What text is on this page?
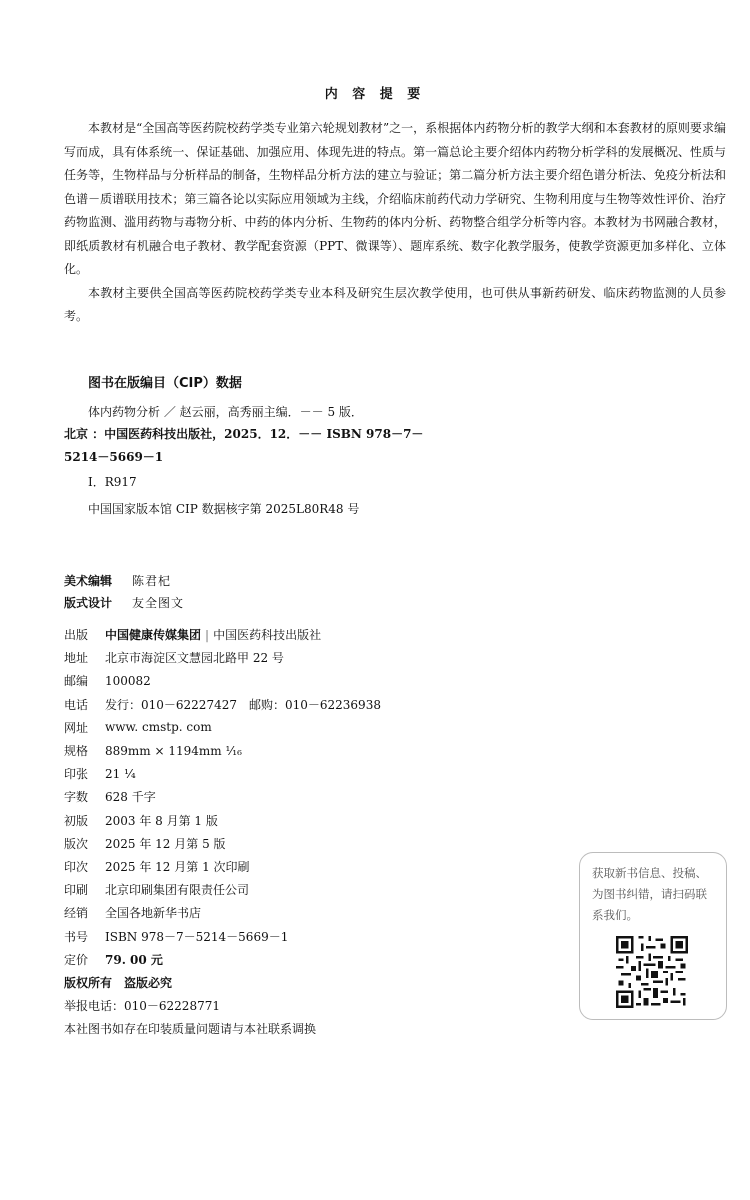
内 容 提 要

本教材是“全国高等医药院校药学类专业第六轮规划教材”之一，系根据体内药物分析的教学大纲和本套教材的原则要求编写而成，具有体系统一、保证基础、加强应用、体现先进的特点。第一篇总论主要介绍体内药物分析学科的发展概况、性质与任务等，生物样品与分析样品的制备，生物样品分析方法的建立与验证；第二篇分析方法主要介绍色谱分析法、免疫分析法和色谱－质谱联用技术；第三篇各论以实际应用领域为主线，介绍临床前药代动力学研究、生物利用度与生物等效性评价、治疗药物监测、滥用药物与毒物分析、中药的体内分析、生物药的体内分析、药物整合组学分析等内容。本教材为书网融合教材，即纸质教材有机融合电子教材、教学配套资源（PPT、微课等）、题库系统、数字化教学服务，使教学资源更加多样化、立体化。

本教材主要供全国高等医药院校药学类专业本科及研究生层次教学使用，也可供从事新药研发、临床药物监测的人员参考。

图书在版编目（CIP）数据
体内药物分析 ／ 赵云丽，高秀丽主编．－－ 5 版．
北京 ：中国医药科技出版社，2025．12．－－ ISBN 978－7－
5214－5669－1
Ⅰ．R917
中国国家版本馆 CIP 数据核字第 2025L80R48 号
美术编辑	陈君杞
版式设计	友全图文
出版	中国健康传媒集团 | 中国医药科技出版社
地址	北京市海淀区文慧园北路甲 22 号
邮编	100082
电话	发行：010－62227427　邮购：010－62236938
网址	www. cmstp. com
规格	889mm × 1194mm ¹⁄₁₆
印张	21 ¹⁄₄
字数	628 千字
初版	2003 年 8 月第 1 版
版次	2025 年 12 月第 5 版
印次	2025 年 12 月第 1 次印刷
印刷	北京印刷集团有限责任公司
经销	全国各地新华书店
书号	ISBN 978－7－5214－5669－1
定价	79. 00 元
版权所有　盗版必究
举报电话：010－62228771
本社图书如存在印装质量问题请与本社联系调换
获取新书信息、投稿、为图书纠错，请扫码联系我们。
